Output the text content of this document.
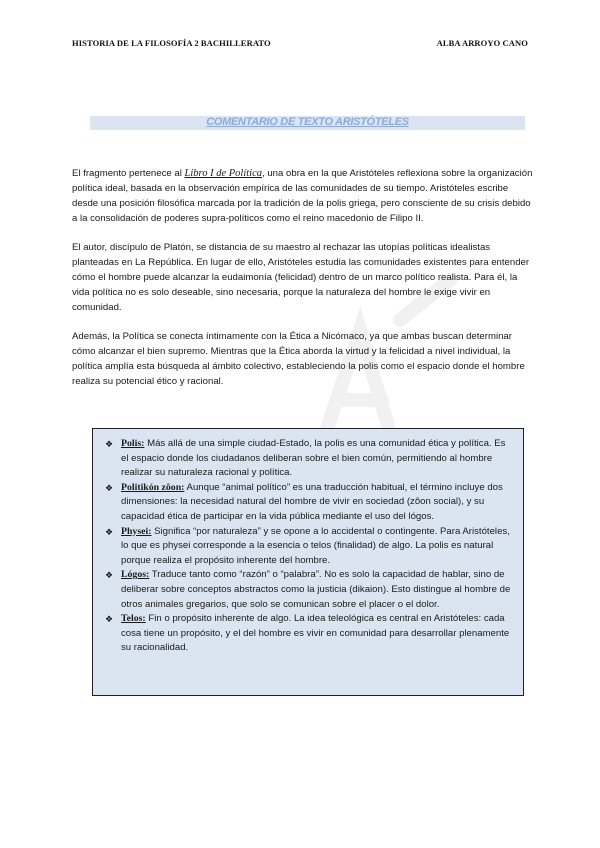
HISTORIA DE LA FILOSOFÍA 2 BACHILLERATO	ALBA ARROYO CANO
COMENTARIO DE TEXTO ARISTÓTELES

El fragmento pertenece al Libro I de Política, una obra en la que Aristóteles reflexiona sobre la organización política ideal, basada en la observación empírica de las comunidades de su tiempo. Aristóteles escribe desde una posición filosófica marcada por la tradición de la polis griega, pero consciente de su crisis debido a la consolidación de poderes supra-políticos como el reino macedonio de Filipo II.

El autor, discípulo de Platón, se distancia de su maestro al rechazar las utopías políticas idealistas planteadas en La República. En lugar de ello, Aristóteles estudia las comunidades existentes para entender cómo el hombre puede alcanzar la eudaimonía (felicidad) dentro de un marco político realista. Para él, la vida política no es solo deseable, sino necesaria, porque la naturaleza del hombre le exige vivir en comunidad.

Además, la Política se conecta íntimamente con la Ética a Nicómaco, ya que ambas buscan determinar cómo alcanzar el bien supremo. Mientras que la Ética aborda la virtud y la felicidad a nivel individual, la política amplía esta búsqueda al ámbito colectivo, estableciendo la polis como el espacio donde el hombre realiza su potencial ético y racional.

❖ Polis: Más allá de una simple ciudad-Estado, la polis es una comunidad ética y política. Es el espacio donde los ciudadanos deliberan sobre el bien común, permitiendo al hombre realizar su naturaleza racional y política.
❖ Politikón zôon: Aunque “animal político” es una traducción habitual, el término incluye dos dimensiones: la necesidad natural del hombre de vivir en sociedad (zôon social), y su capacidad ética de participar en la vida pública mediante el uso del lógos.
❖ Physei: Significa “por naturaleza” y se opone a lo accidental o contingente. Para Aristóteles, lo que es physei corresponde a la esencia o telos (finalidad) de algo. La polis es natural porque realiza el propósito inherente del hombre.
❖ Lógos: Traduce tanto como “razón” o “palabra”. No es solo la capacidad de hablar, sino de deliberar sobre conceptos abstractos como la justicia (dikaion). Esto distingue al hombre de otros animales gregarios, que solo se comunican sobre el placer o el dolor.
❖ Telos: Fin o propósito inherente de algo. La idea teleológica es central en Aristóteles: cada cosa tiene un propósito, y el del hombre es vivir en comunidad para desarrollar plenamente su racionalidad.
